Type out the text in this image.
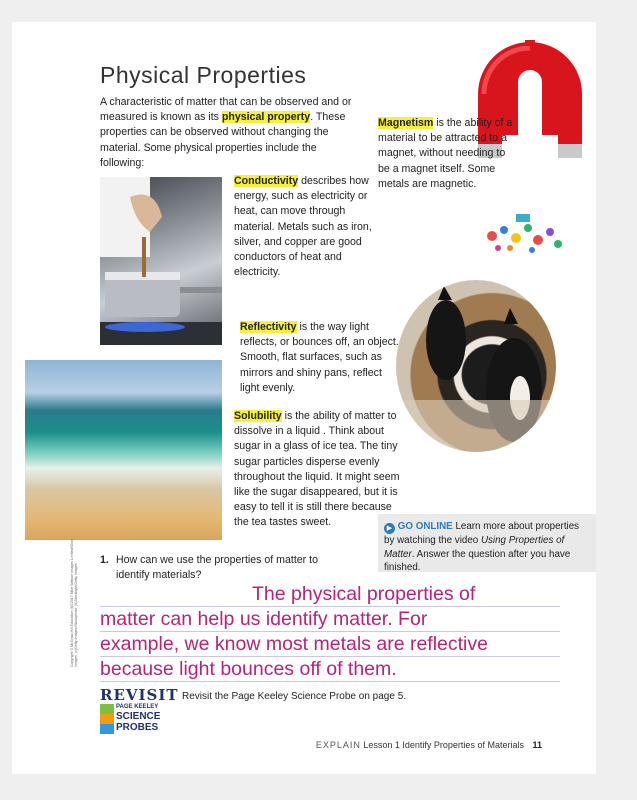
Physical Properties
A characteristic of matter that can be observed and or measured is known as its physical property. These properties can be observed without changing the material. Some physical properties include the following:
Magnetism is the ability of a material to be attracted to a magnet, without needing to be a magnet itself. Some metals are magnetic.
Conductivity describes how energy, such as electricity or heat, can move through material. Metals such as iron, silver, and copper are good conductors of heat and electricity.
Reflectivity is the way light reflects, or bounces off, an object. Smooth, flat surfaces, such as mirrors and shiny pans, reflect light evenly.
Solubility is the ability of matter to dissolve in a liquid . Think about sugar in a glass of ice tea. The tiny sugar particles disperse evenly throughout the liquid. It might seem like the sugar disappeared, but it is easy to tell it is still there because the tea tastes sweet.
▶ GO ONLINE Learn more about properties by watching the video Using Properties of Matter. Answer the question after you have finished.
Copyright © McGraw-Hill Education (t)©2017 Mike Watson Images Limited/Glow Images, (c)Getty Images/iStockphoto, (b)Stockbyte/Getty Images
1. How can we use the properties of matter to identify materials?
The physical properties of
matter can help us identify matter. For
example, we know most metals are reflective
because light bounces off of them.
REVISIT Revisit the Page Keeley Science Probe on page 5.
PAGE KEELEY
SCIENCE
PROBES
EXPLAIN Lesson 1 Identify Properties of Materials 11
